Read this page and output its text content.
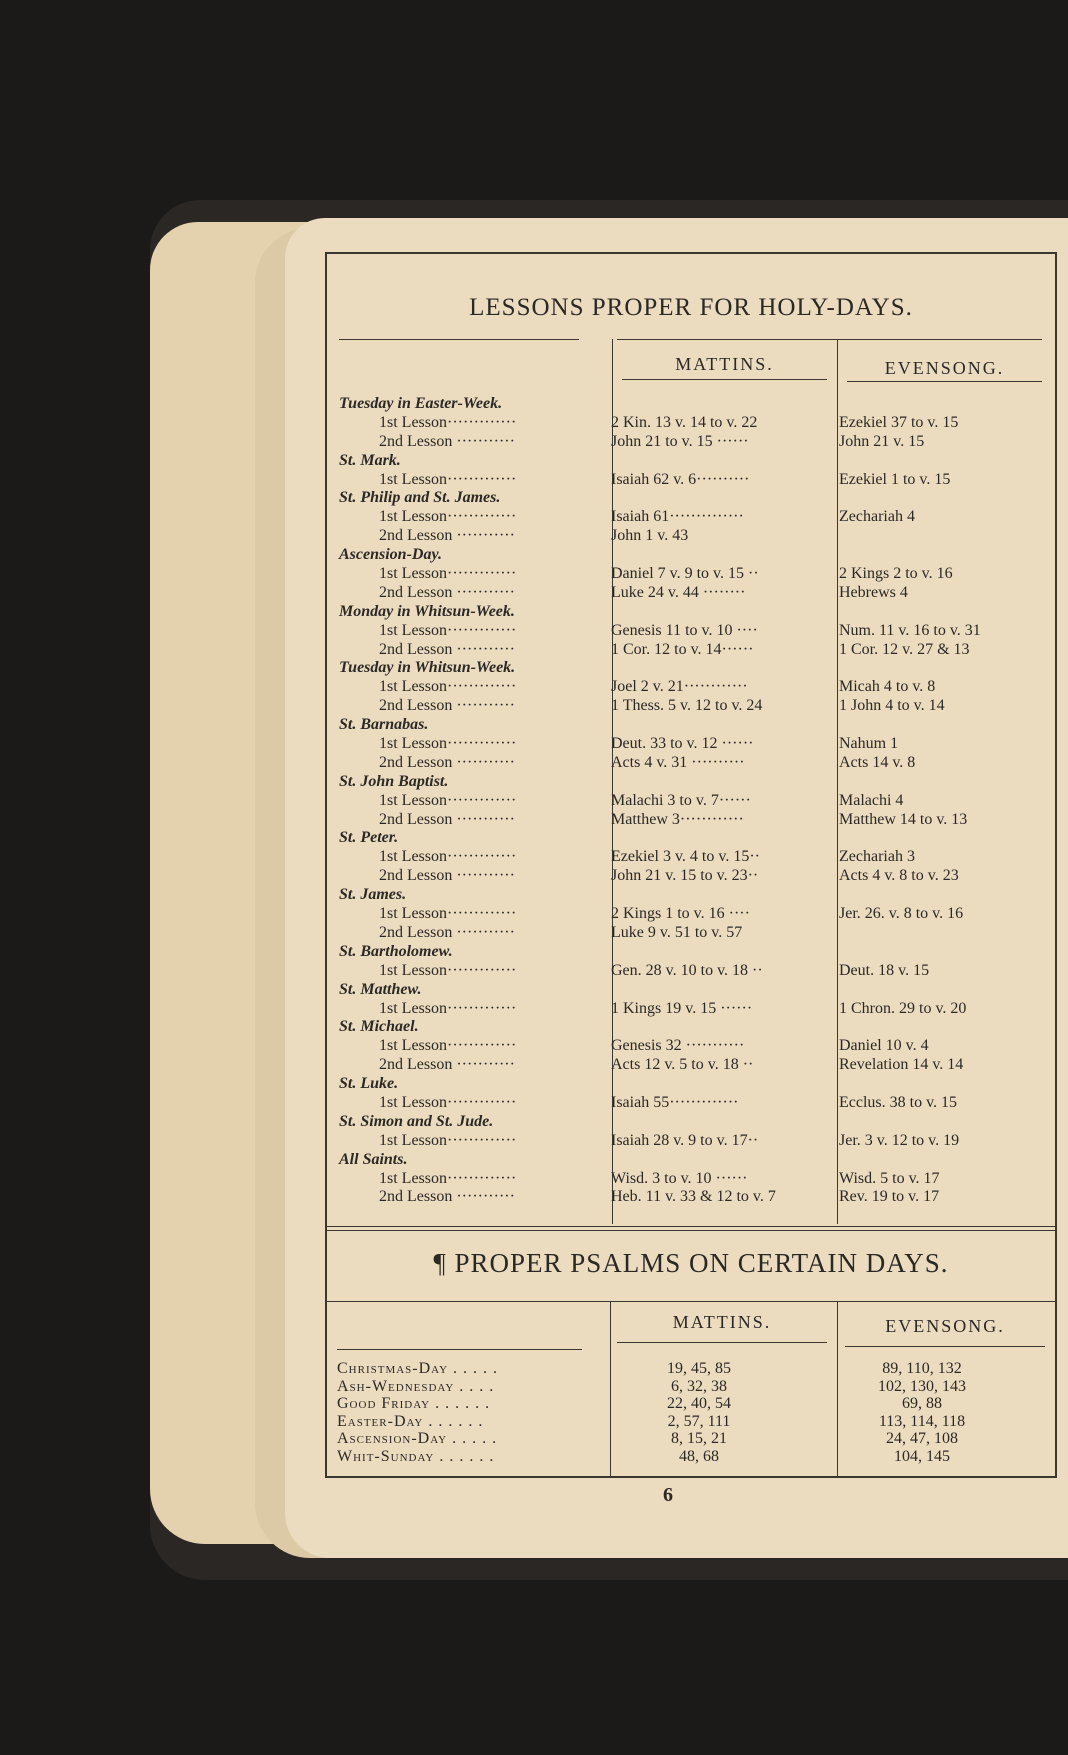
LESSONS PROPER FOR HOLY-DAYS.
MATTINS.	EVENSONG.
Tuesday in Easter-Week.
1st Lesson·············	2 Kin. 13 v. 14 to v. 22	Ezekiel 37 to v. 15
2nd Lesson ···········	John 21 to v. 15 ······	John 21 v. 15
St. Mark.
1st Lesson·············	Isaiah 62 v. 6··········	Ezekiel 1 to v. 15
St. Philip and St. James.
1st Lesson·············	Isaiah 61··············	Zechariah 4
2nd Lesson ···········	John 1 v. 43
Ascension-Day.
1st Lesson·············	Daniel 7 v. 9 to v. 15 ··	2 Kings 2 to v. 16
2nd Lesson ···········	Luke 24 v. 44 ········	Hebrews 4
Monday in Whitsun-Week.
1st Lesson·············	Genesis 11 to v. 10 ····	Num. 11 v. 16 to v. 31
2nd Lesson ···········	1 Cor. 12 to v. 14······	1 Cor. 12 v. 27 & 13
Tuesday in Whitsun-Week.
1st Lesson·············	Joel 2 v. 21············	Micah 4 to v. 8
2nd Lesson ···········	1 Thess. 5 v. 12 to v. 24	1 John 4 to v. 14
St. Barnabas.
1st Lesson·············	Deut. 33 to v. 12 ······	Nahum 1
2nd Lesson ···········	Acts 4 v. 31 ··········	Acts 14 v. 8
St. John Baptist.
1st Lesson·············	Malachi 3 to v. 7······	Malachi 4
2nd Lesson ···········	Matthew 3············	Matthew 14 to v. 13
St. Peter.
1st Lesson·············	Ezekiel 3 v. 4 to v. 15··	Zechariah 3
2nd Lesson ···········	John 21 v. 15 to v. 23··	Acts 4 v. 8 to v. 23
St. James.
1st Lesson·············	2 Kings 1 to v. 16 ····	Jer. 26. v. 8 to v. 16
2nd Lesson ···········	Luke 9 v. 51 to v. 57
St. Bartholomew.
1st Lesson·············	Gen. 28 v. 10 to v. 18 ··	Deut. 18 v. 15
St. Matthew.
1st Lesson·············	1 Kings 19 v. 15 ······	1 Chron. 29 to v. 20
St. Michael.
1st Lesson·············	Genesis 32 ···········	Daniel 10 v. 4
2nd Lesson ···········	Acts 12 v. 5 to v. 18 ··	Revelation 14 v. 14
St. Luke.
1st Lesson·············	Isaiah 55·············	Ecclus. 38 to v. 15
St. Simon and St. Jude.
1st Lesson·············	Isaiah 28 v. 9 to v. 17··	Jer. 3 v. 12 to v. 19
All Saints.
1st Lesson·············	Wisd. 3 to v. 10 ······	Wisd. 5 to v. 17
2nd Lesson ···········	Heb. 11 v. 33 & 12 to v. 7	Rev. 19 to v. 17
¶ PROPER PSALMS ON CERTAIN DAYS.
MATTINS.	EVENSONG.
Christmas-Day . . . . .	19, 45, 85	89, 110, 132
Ash-Wednesday . . . .	6, 32, 38	102, 130, 143
Good Friday . . . . . .	22, 40, 54	69, 88
Easter-Day . . . . . .	2, 57, 111	113, 114, 118
Ascension-Day . . . . .	8, 15, 21	24, 47, 108
Whit-Sunday . . . . . .	48, 68	104, 145
6
